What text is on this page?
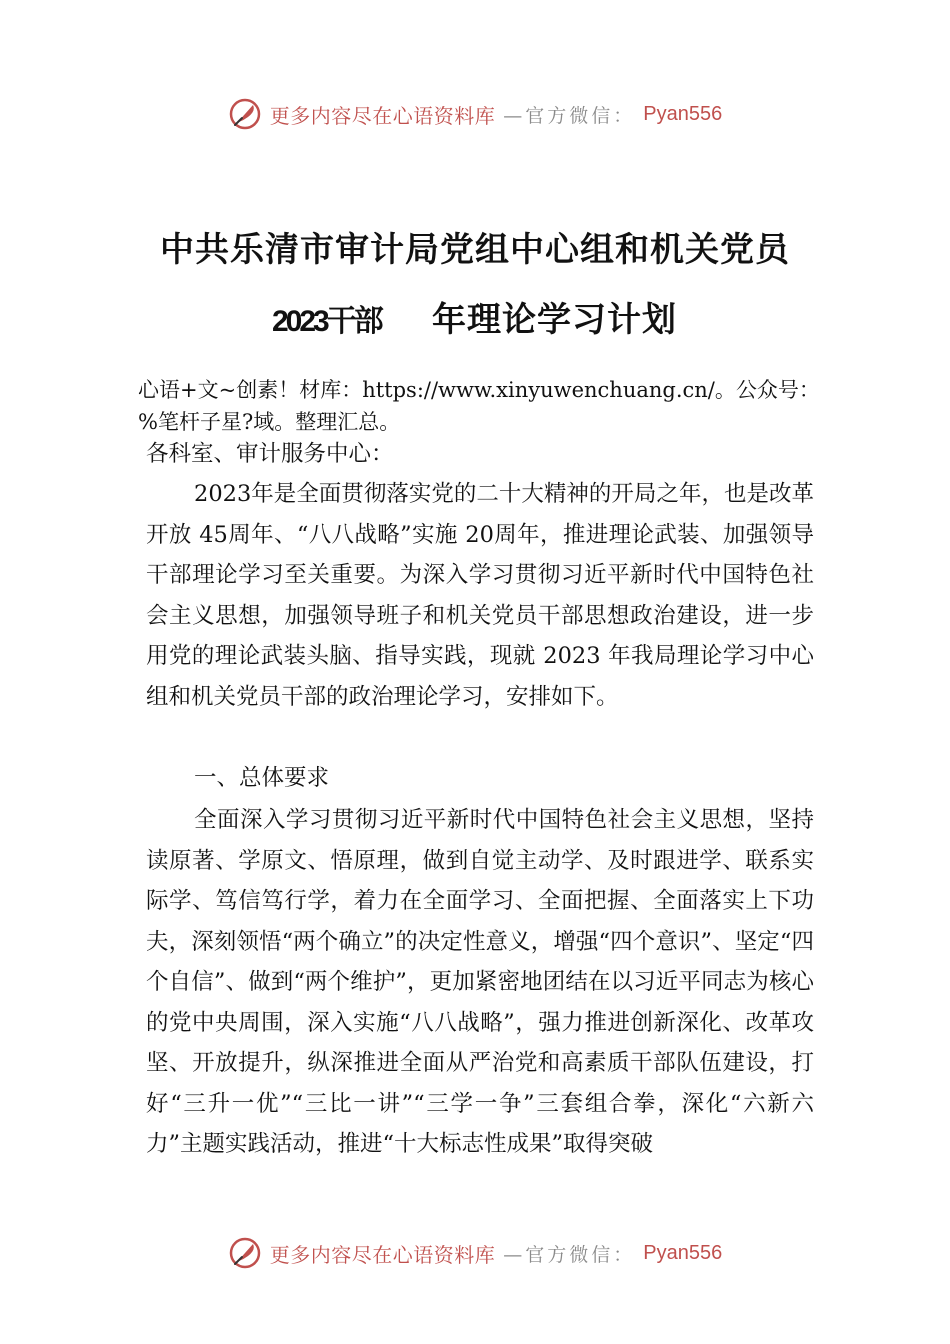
更多内容尽在心语资料库 —官方微信： Pyan556
中共乐清市审计局党组中心组和机关党员
2023干部 年理论学习计划
心语+文~创素！材库：https://www.xinyuwenchuang.cn/。公众号：%笔杆子星?域。整理汇总。
各科室、审计服务中心：
2023年是全面贯彻落实党的二十大精神的开局之年，也是改革开放 45周年、“八八战略”实施 20周年，推进理论武装、加强领导干部理论学习至关重要。为深入学习贯彻习近平新时代中国特色社会主义思想，加强领导班子和机关党员干部思想政治建设，进一步用党的理论武装头脑、指导实践，现就 2023 年我局理论学习中心组和机关党员干部的政治理论学习，安排如下。
一、总体要求
全面深入学习贯彻习近平新时代中国特色社会主义思想，坚持读原著、学原文、悟原理，做到自觉主动学、及时跟进学、联系实际学、笃信笃行学，着力在全面学习、全面把握、全面落实上下功夫，深刻领悟“两个确立”的决定性意义，增强“四个意识”、坚定“四个自信”、做到“两个维护”，更加紧密地团结在以习近平同志为核心的党中央周围，深入实施“八八战略”，强力推进创新深化、改革攻坚、开放提升，纵深推进全面从严治党和高素质干部队伍建设，打好“三升一优”“三比一讲”“三学一争”三套组合拳，深化“六新六力”主题实践活动，推进“十大标志性成果”取得突破
更多内容尽在心语资料库 —官方微信： Pyan556
